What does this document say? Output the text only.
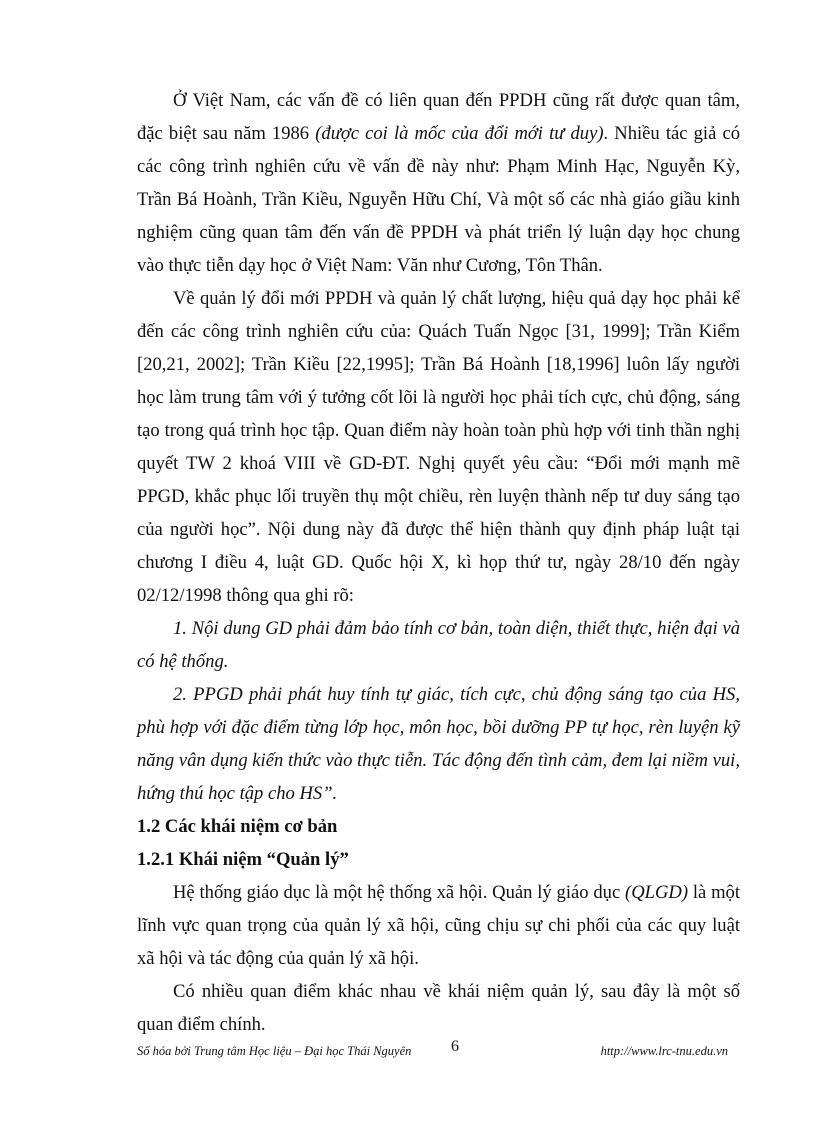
Ở Việt Nam, các vấn đề có liên quan đến PPDH cũng rất được quan tâm, đặc biệt sau năm 1986 (được coi là mốc của đổi mới tư duy). Nhiều tác giả có các công trình nghiên cứu về vấn đề này như: Phạm Minh Hạc, Nguyễn Kỳ, Trần Bá Hoành, Trần Kiều, Nguyễn Hữu Chí, Và một số các nhà giáo giầu kinh nghiệm cũng quan tâm đến vấn đề PPDH và phát triển lý luận dạy học chung vào thực tiễn dạy học ở Việt Nam: Văn như Cương, Tôn Thân.

Về quản lý đổi mới PPDH và quản lý chất lượng, hiệu quả dạy học phải kể đến các công trình nghiên cứu của: Quách Tuấn Ngọc [31, 1999]; Trần Kiểm [20,21, 2002]; Trần Kiều [22,1995]; Trần Bá Hoành [18,1996] luôn lấy người học làm trung tâm với ý tưởng cốt lõi là người học phải tích cực, chủ động, sáng tạo trong quá trình học tập. Quan điểm này hoàn toàn phù hợp với tinh thần nghị quyết TW 2 khoá VIII về GD-ĐT. Nghị quyết yêu cầu: “Đổi mới mạnh mẽ PPGD, khắc phục lối truyền thụ một chiều, rèn luyện thành nếp tư duy sáng tạo của người học”. Nội dung này đã được thể hiện thành quy định pháp luật tại chương I điều 4, luật GD. Quốc hội X, kì họp thứ tư, ngày 28/10 đến ngày 02/12/1998 thông qua ghi rõ:

1. Nội dung GD phải đảm bảo tính cơ bản, toàn diện, thiết thực, hiện đại và có hệ thống.

2. PPGD phải phát huy tính tự giác, tích cực, chủ động sáng tạo của HS, phù hợp với đặc điểm từng lớp học, môn học, bồi dưỡng PP tự học, rèn luyện kỹ năng vân dụng kiến thức vào thực tiễn. Tác động đến tình cảm, đem lại niềm vui, hứng thú học tập cho HS”.

1.2 Các khái niệm cơ bản

1.2.1 Khái niệm “Quản lý”

Hệ thống giáo dục là một hệ thống xã hội. Quản lý giáo dục (QLGD) là một lĩnh vực quan trọng của quản lý xã hội, cũng chịu sự chi phối của các quy luật xã hội và tác động của quản lý xã hội.

Có nhiều quan điểm khác nhau về khái niệm quản lý, sau đây là một số quan điểm chính.

Số hóa bởi Trung tâm Học liệu – Đại học Thái Nguyên 6	http://www.lrc-tnu.edu.vn
